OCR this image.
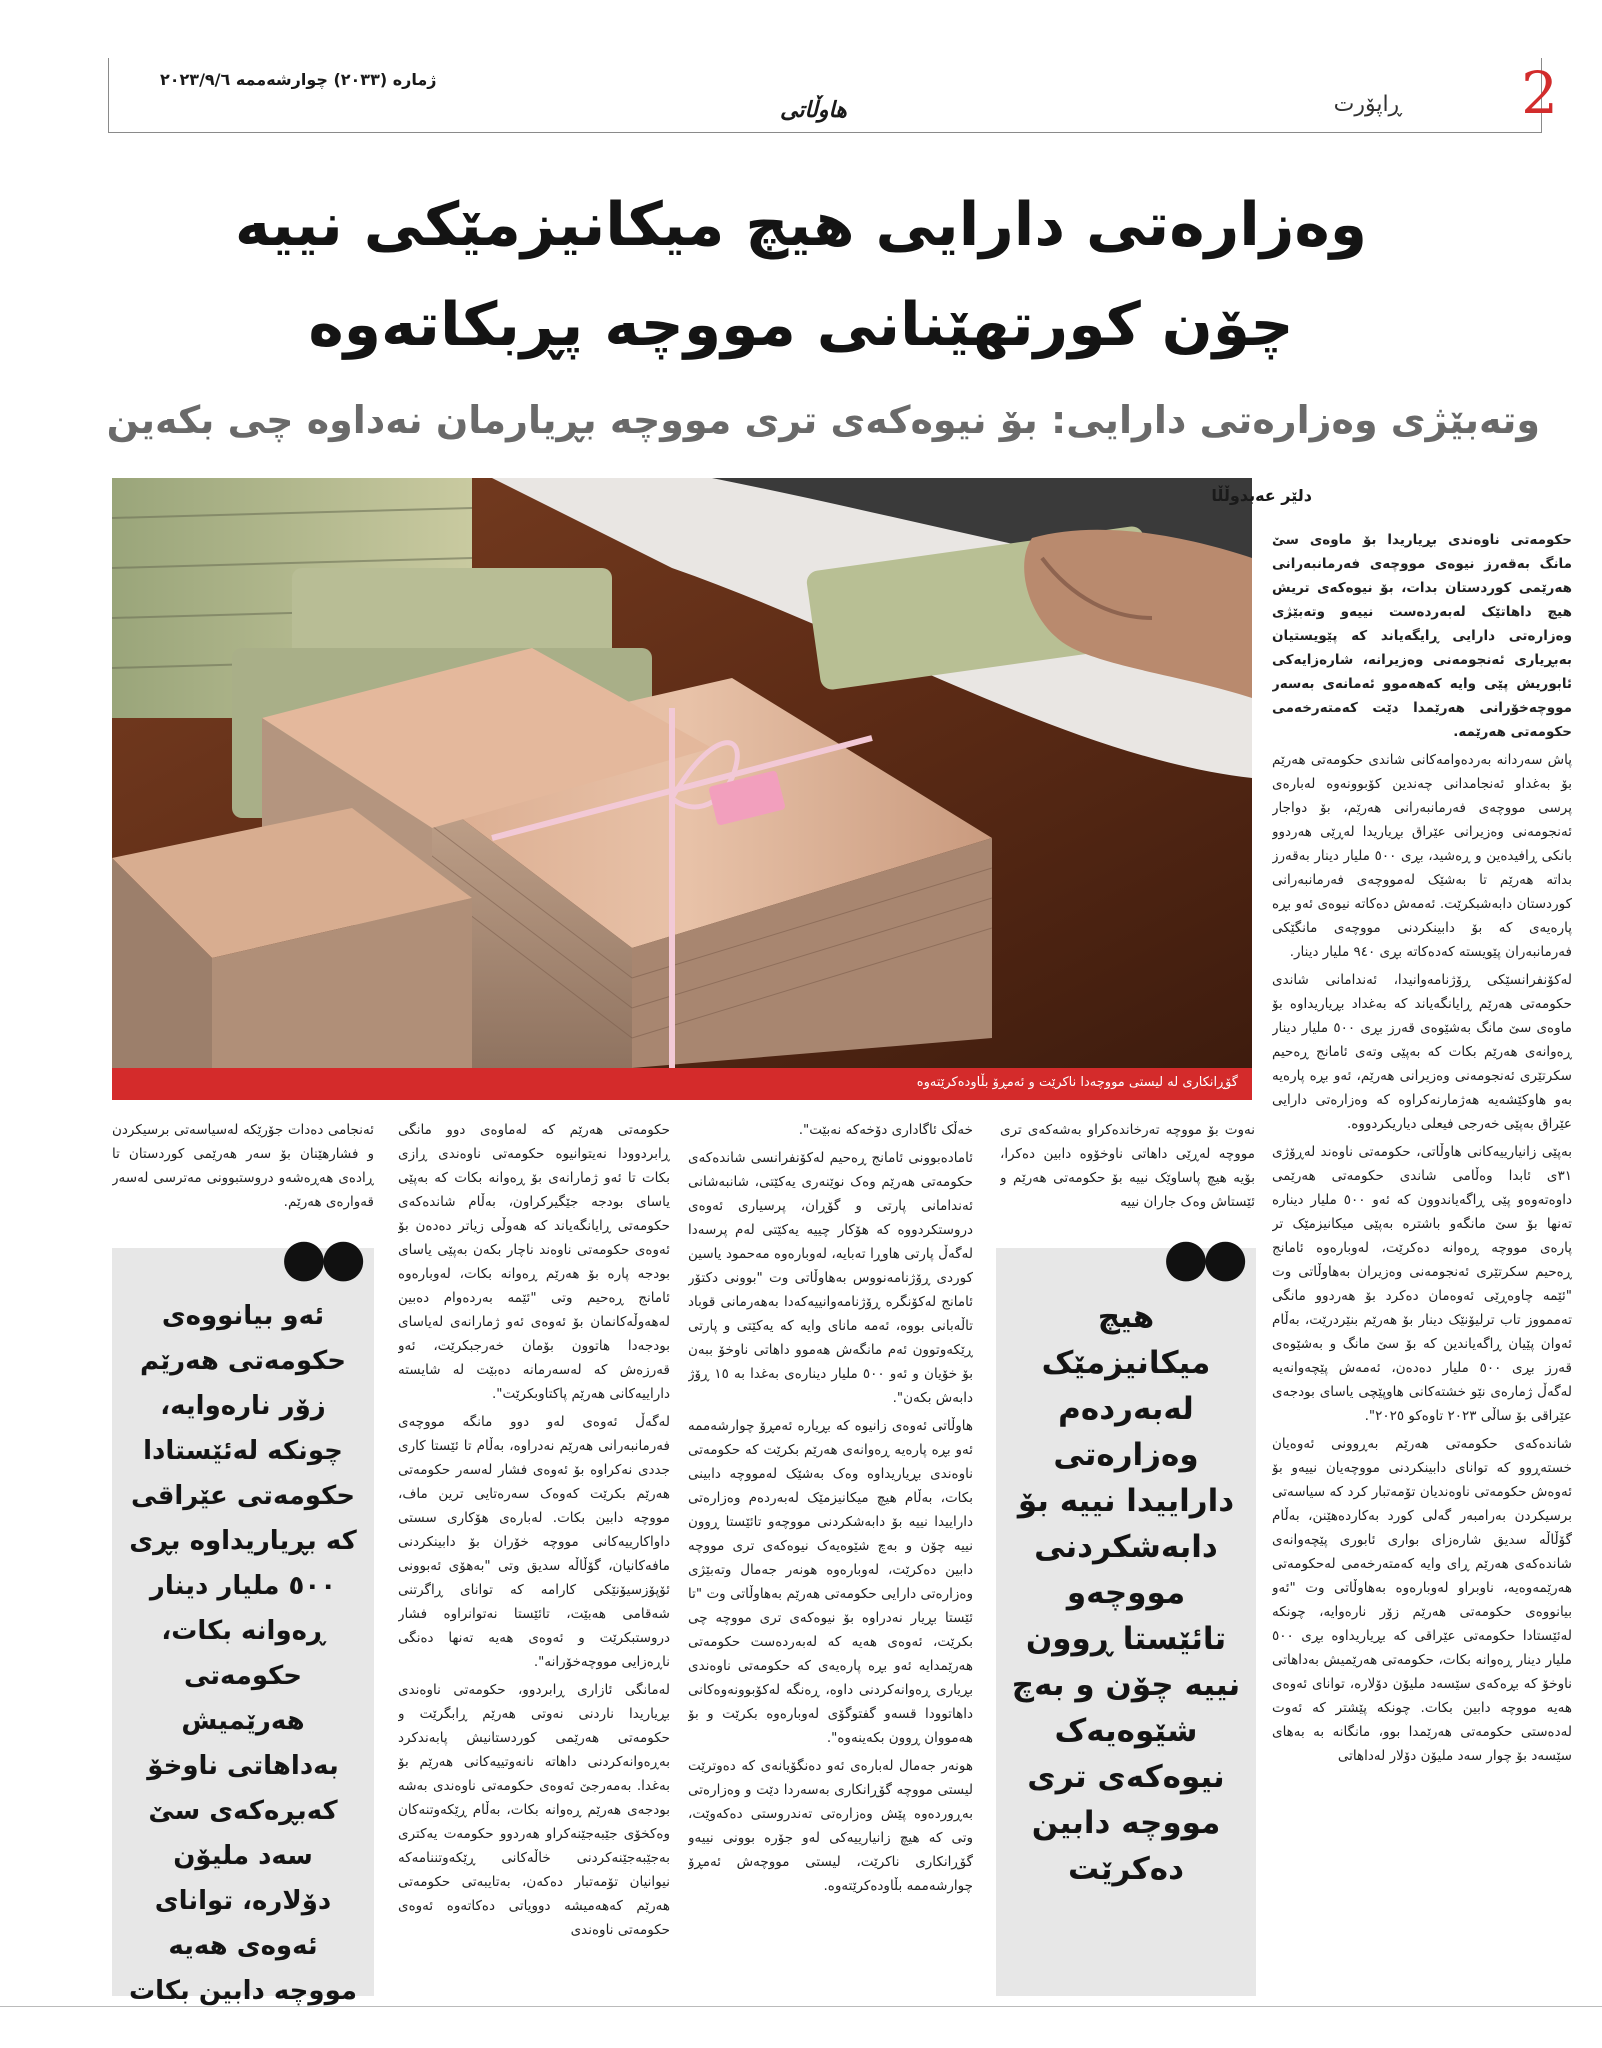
2
ڕاپۆرت
هاوڵاتی
ژمارە (٢٠٣٣) چوارشەممە ٢٠٢٣/٩/٦
وەزارەتی دارایی هیچ میکانیزمێکی نییە
چۆن کورتهێنانی مووچە پڕبکاتەوە
وتەبێژی وەزارەتی دارایی: بۆ نیوەکەی تری مووچە بڕیارمان نەداوە چی بکەین
گۆڕانکاری لە لیستی مووچەدا ناکرێت و ئەمڕۆ بڵاودەکرێتەوە
دلێر عەبدوڵڵا

حکومەتی ناوەندی بڕیاریدا بۆ ماوەی سێ مانگ بەقەرز نیوەی مووچەی فەرمانبەرانی هەرێمی کوردستان بدات، بۆ نیوەکەی تریش هیچ داهاتێک لەبەردەست نییەو وتەبێژی وەزارەتی دارایی ڕایگەیاند کە پێویستیان بەبڕیاری ئەنجومەنی وەزیرانە، شارەزایەکی ئابوریش پێی وایە کەهەموو ئەمانەی بەسەر مووچەخۆرانی هەرێمدا دێت کەمتەرخەمی حکومەتی هەرێمە.

پاش سەردانە بەردەوامەکانی شاندی حکومەتی هەرێم بۆ بەغداو ئەنجامدانی چەندین کۆبوونەوە لەبارەی پرسی مووچەی فەرمانبەرانی هەرێم، بۆ دواجار ئەنجومەنی وەزیرانی عێراق بڕیاریدا لەڕێی هەردوو بانکی ڕافیدەین و ڕەشید، بڕی ٥٠٠ ملیار دینار بەقەرز بداتە هەرێم تا بەشێک لەمووچەی فەرمانبەرانی کوردستان دابەشبکرێت. ئەمەش دەکاتە نیوەی ئەو بڕە پارەیەی کە بۆ دابینکردنی مووچەی مانگێکی فەرمانبەران پێویستە کەدەکاتە بڕی ٩٤٠ ملیار دینار.

لەکۆنفرانسێکی ڕۆژنامەوانیدا، ئەندامانی شاندی حکومەتی هەرێم ڕایانگەیاند کە بەغداد بڕیاریداوە بۆ ماوەی سێ مانگ بەشێوەی قەرز بڕی ٥٠٠ ملیار دینار ڕەوانەی هەرێم بکات کە بەپێی وتەی ئامانج ڕەحیم سکرتێری ئەنجومەنی وەزیرانی هەرێم، ئەو بڕە پارەیە بەو هاوکێشەیە هەژمارنەکراوە کە وەزارەتی دارایی عێراق بەپێی خەرجی فیعلی دیاریکردووە.

بەپێی زانیارییەکانی هاوڵاتی، حکومەتی ناوەند لەڕۆژی ٣١ی ئابدا وەڵامی شاندی حکومەتی هەرێمی داوەتەوەو پێی ڕاگەیاندوون کە ئەو ٥٠٠ ملیار دینارە تەنها بۆ سێ مانگەو باشترە بەپێی میکانیزمێک تر پارەی مووچە ڕەوانە دەکرێت، لەوبارەوە ئامانج ڕەحیم سکرتێری ئەنجومەنی وەزیران بەهاوڵاتی وت "ئێمە چاوەڕێی ئەوەمان دەکرد بۆ هەردوو مانگی تەممووز تاب ترلیۆنێک دینار بۆ هەرێم بنێردرێت، بەڵام ئەوان پێیان ڕاگەیاندین کە بۆ سێ مانگ و بەشێوەی قەرز بڕی ٥٠٠ ملیار دەدەن، ئەمەش پێچەوانەیە لەگەڵ ژمارەی نێو خشتەکانی هاوپێچی یاسای بودجەی عێراقی بۆ ساڵی ٢٠٢٣ تاوەکو ٢٠٢٥".

شاندەکەی حکومەتی هەرێم بەڕوونی ئەوەیان خستەڕوو کە توانای دابینکردنی مووچەیان نییەو بۆ ئەوەش حکومەتی ناوەندیان تۆمەتبار کرد کە سیاسەتی برسیکردن بەرامبەر گەلی کورد بەکاردەهێنن، بەڵام گۆڵاڵە سدیق شارەزای بواری ئابوری پێچەوانەی شاندەکەی هەرێم ڕای وایە کەمتەرخەمی لەحکومەتی هەرێمەوەیە، ناوبراو لەوبارەوە بەهاوڵاتی وت "ئەو بیانووەی حکومەتی هەرێم زۆر نارەوایە، چونکە لەئێستادا حکومەتی عێراقی کە بڕیاریداوە بڕی ٥٠٠ ملیار دینار ڕەوانە بکات، حکومەتی هەرێمیش بەداهاتی ناوخۆ کە بڕەکەی سێسەد ملیۆن دۆلارە، توانای ئەوەی هەیە مووچە دابین بکات. چونکە پێشتر کە ئەوت لەدەستی حکومەتی هەرێمدا بوو، مانگانە بە بەهای سێسەد بۆ چوار سەد ملیۆن دۆلار لەداهاتی

نەوت بۆ مووچە تەرخاندەکراو بەشەکەی تری مووچە لەڕێی داهاتی ناوخۆوە دابین دەکرا، بۆیە هیچ پاساوێک نییە بۆ حکومەتی هەرێم و ئێستاش وەک جاران نییە

خەڵک ئاگاداری دۆخەکە نەبێت".

ئامادەبوونی ئامانج ڕەحیم لەکۆنفرانسی شاندەکەی حکومەتی هەرێم وەک نوێنەری یەکێتی، شانبەشانی ئەندامانی پارتی و گۆڕان، پرسیاری ئەوەی دروستکردووە کە هۆکار چییە یەکێتی لەم پرسەدا لەگەڵ پارتی هاوڕا تەبایە، لەوبارەوە مەحمود یاسین کوردی ڕۆژنامەنووس بەهاوڵاتی وت "بوونی دکتۆر ئامانج لەکۆنگرە ڕۆژنامەوانییەکەدا بەهەرمانی قوباد تاڵەبانی بووە، ئەمە مانای وایە کە یەکێتی و پارتی ڕێکەوتوون ئەم مانگەش هەموو داهاتی ناوخۆ ببەن بۆ خۆیان و ئەو ٥٠٠ ملیار دینارەی بەغدا بە ١٥ ڕۆژ دابەش بکەن".

هاوڵاتی ئەوەی زانیوە کە بڕیارە ئەمڕۆ چوارشەممە ئەو بڕە پارەیە ڕەوانەی هەرێم بکرێت کە حکومەتی ناوەندی بڕیاریداوە وەک بەشێک لەمووچە دابینی بکات، بەڵام هیچ میکانیزمێک لەبەردەم وەزارەتی داراییدا نییە بۆ دابەشکردنی مووچەو تائێستا ڕوون نییە چۆن و بەچ شێوەیەک نیوەکەی تری مووچە دابین دەکرێت، لەوبارەوە هونەر جەمال وتەبێژی وەزارەتی دارایی حکومەتی هەرێم بەهاوڵاتی وت "تا ئێستا بڕیار نەدراوە بۆ نیوەکەی تری مووچە چی بکرێت، ئەوەی هەیە کە لەبەردەست حکومەتی هەرێمدایە ئەو بڕە پارەیەی کە حکومەتی ناوەندی بڕیاری ڕەوانەکردنی داوە، ڕەنگە لەکۆبوونەوەکانی داهاتوودا قسەو گفتوگۆی لەوبارەوە بکرێت و بۆ هەمووان ڕوون بکەینەوە".

هونەر جەمال لەبارەی ئەو دەنگۆیانەی کە دەوترێت لیستی مووچە گۆڕانکاری بەسەردا دێت و وەزارەتی بەڕوردەوە پێش وەزارەتی تەندروستی دەکەوێت، وتی کە هیچ زانیارییەکی لەو جۆرە بوونی نییەو گۆڕانکاری ناکرێت، لیستی مووچەش ئەمڕۆ چوارشەممە بڵاودەکرێتەوە.

حکومەتی هەرێم کە لەماوەی دوو مانگی ڕابردوودا نەیتوانیوە حکومەتی ناوەندی ڕازی بکات تا ئەو ژمارانەی بۆ ڕەوانە بکات کە بەپێی یاسای بودجە جێگیرکراون، بەڵام شاندەکەی حکومەتی ڕایانگەیاند کە هەوڵی زیاتر دەدەن بۆ ئەوەی حکومەتی ناوەند ناچار بکەن بەپێی یاسای بودجە پارە بۆ هەرێم ڕەوانە بکات، لەوبارەوە ئامانج ڕەحیم وتی "ئێمە بەردەوام دەبین لەهەوڵەکانمان بۆ ئەوەی ئەو ژمارانەی لەیاسای بودجەدا هاتوون بۆمان خەرجبکرێت، ئەو قەرزەش کە لەسەرمانە دەبێت لە شایستە داراییەکانی هەرێم پاکتاوبکرێت".

لەگەڵ ئەوەی لەو دوو مانگە مووچەی فەرمانبەرانی هەرێم نەدراوە، بەڵام تا ئێستا کاری جددی نەکراوە بۆ ئەوەی فشار لەسەر حکومەتی هەرێم بکرێت کەوەک سەرەتایی ترین ماف، مووچە دابین بکات. لەبارەی هۆکاری سستی داواکارییەکانی مووچە خۆران بۆ دابینکردنی مافەکانیان، گۆڵاڵە سدیق وتی "بەهۆی ئەبوونی ئۆپۆزسیۆنێکی کارامە کە توانای ڕاگرتنی شەقامی هەبێت، تائێستا نەتوانراوە فشار دروستبکرێت و ئەوەی هەیە تەنها دەنگی ناڕەزایی مووچەخۆرانە".

لەمانگی ئازاری ڕابردوو، حکومەتی ناوەندی بڕیاریدا ناردنی نەوتی هەرێم ڕابگرێت و حکومەتی هەرێمی کوردستانیش پابەندکرد بەڕەوانەکردنی داهاتە نانەوتییەکانی هەرێم بۆ بەغدا. بەمەرجێ ئەوەی حکومەتی ناوەندی بەشە بودجەی هەرێم ڕەوانە بکات، بەڵام ڕێکەوتنەکان وەکخۆی جێبەجێنەکراو هەردوو حکومەت یەکتری بەجێبەجێنەکردنی خاڵەکانی ڕێکەوتننامەکە نیوانیان تۆمەتبار دەکەن، بەتایبەتی حکومەتی هەرێم کەهەمیشە دوویاتی دەکاتەوە ئەوەی حکومەتی ناوەندی

ئەنجامی دەدات جۆرێکە لەسیاسەتی برسیکردن و فشارهێنان بۆ سەر هەرێمی کوردستان تا ڕادەی هەڕەشەو دروستبوونی مەترسی لەسەر قەوارەی هەرێم.

●●
هیچ میکانیزمێک لەبەردەم وەزارەتی داراییدا نییە بۆ دابەشکردنی مووچەو تائێستا ڕوون نییە چۆن و بەچ شێوەیەک نیوەکەی تری مووچە دابین دەکرێت
●●
ئەو بیانووەی حکومەتی هەرێم زۆر نارەوایە، چونکە لەئێستادا حکومەتی عێراقی کە بڕیاریداوە بڕی ٥٠٠ ملیار دینار ڕەوانە بکات، حکومەتی هەرێمیش بەداهاتی ناوخۆ کەبڕەکەی سێ سەد ملیۆن دۆلارە، توانای ئەوەی هەیە مووچە دابین بکات
